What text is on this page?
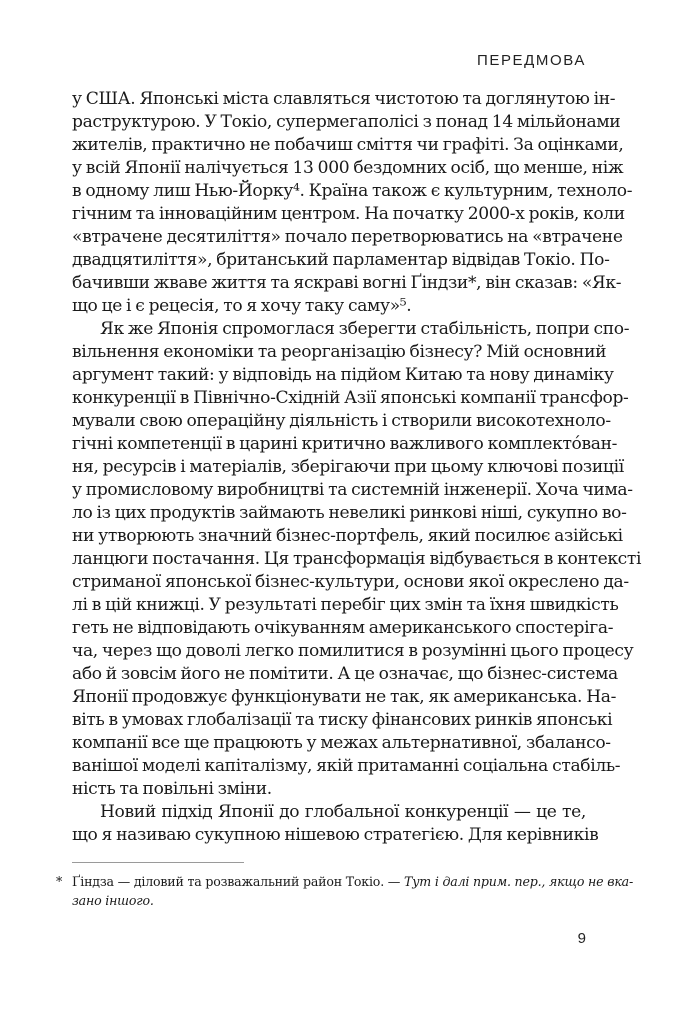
ПЕРЕДМОВА
у США. Японські міста славляться чистотою та доглянутою ін-
раструктурою. У Токіо, супермегаполісі з понад 14 мільйонами
жителів, практично не побачиш сміття чи графіті. За оцінками,
у всій Японії налічується 13 000 бездомних осіб, що менше, ніж
в одному лиш Нью-Йорку⁴. Країна також є культурним, техноло-
гічним та інноваційним центром. На початку 2000-х років, коли
«втрачене десятиліття» почало перетворюватись на «втрачене
двадцятиліття», британський парламентар відвідав Токіо. По-
бачивши жваве життя та яскраві вогні Ґіндзи*, він сказав: «Як-
що це і є рецесія, то я хочу таку саму»⁵.
Як же Японія спромоглася зберегти стабільність, попри спо-
вільнення економіки та реорганізацію бізнесу? Мій основний
аргумент такий: у відповідь на підйом Китаю та нову динаміку
конкуренції в Північно-Східній Азії японські компанії трансфор-
мували свою операційну діяльність і створили високотехноло-
гічні компетенції в царині критично важливого комплектóван-
ня, ресурсів і матеріалів, зберігаючи при цьому ключові позиції
у промисловому виробництві та системній інженерії. Хоча чима-
ло із цих продуктів займають невеликі ринкові ніші, сукупно во-
ни утворюють значний бізнес-портфель, який посилює азійські
ланцюги постачання. Ця трансформація відбувається в контексті
стриманої японської бізнес-культури, основи якої окреслено да-
лі в цій книжці. У результаті перебіг цих змін та їхня швидкість
геть не відповідають очікуванням американського спостеріга-
ча, через що доволі легко помилитися в розумінні цього процесу
або й зовсім його не помітити. А це означає, що бізнес-система
Японії продовжує функціонувати не так, як американська. На-
віть в умовах глобалізації та тиску фінансових ринків японські
компанії все ще працюють у межах альтернативної, збалансо-
ванішої моделі капіталізму, якій притаманні соціальна стабіль-
ність та повільні зміни.
Новий підхід Японії до глобальної конкуренції — це те,
що я називаю сукупною нішевою стратегією. Для керівників
* Ґіндза — діловий та розважальний район Токіо. — Тут і далі прим. пер., якщо не вка-
зано іншого.
9
